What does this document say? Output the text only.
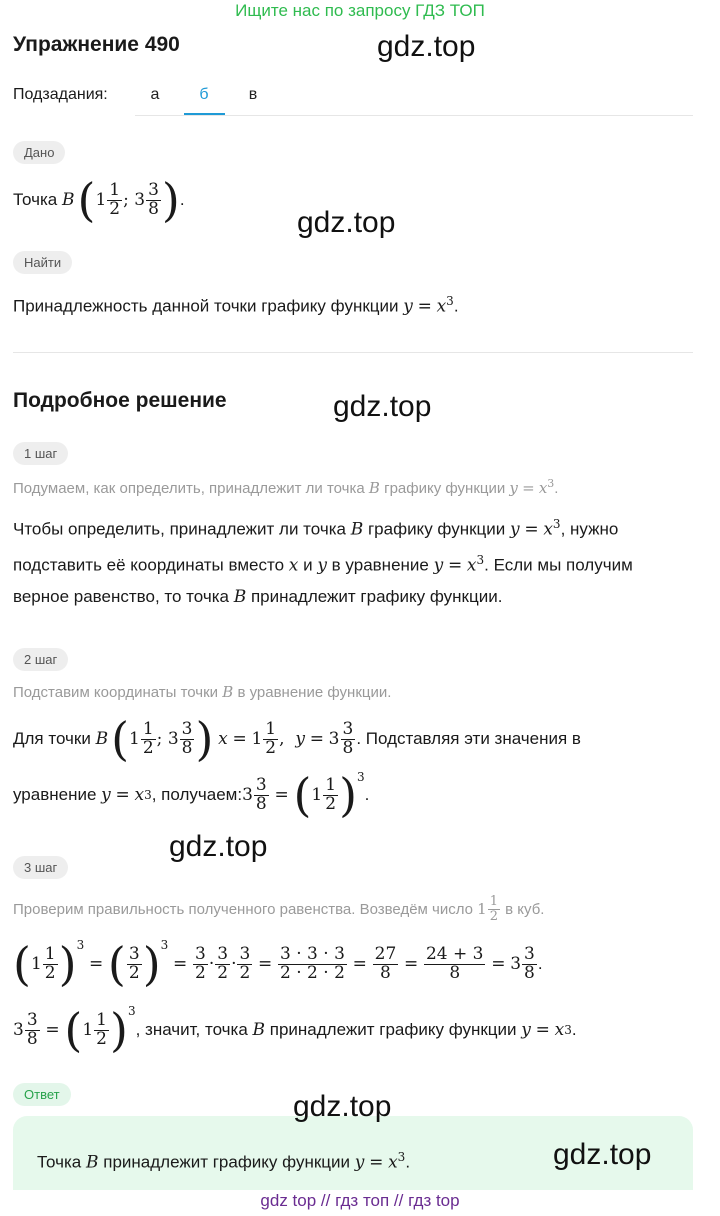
Ищите нас по запросу ГДЗ ТОП
Упражнение 490	gdz.top
Подзадания:	а	б	в
Дано
Точка
B ( $1 \frac{1}{2}$ ; $3 \frac{3}{8}$ ) .
gdz.top
Найти
Принадлежность данной точки графику функции $y = x^3$.
Подробное решение	gdz.top
1 шаг
Подумаем, как определить, принадлежит ли точка B графику функции $y = x^3$.
Чтобы определить, принадлежит ли точка B графику функции $y = x^3$, нужно
подставить её координаты вместо x и y в уравнение $y = x^3$. Если мы получим
верное равенство, то точка B принадлежит графику функции.
2 шаг
Подставим координаты точки B в уравнение функции.
Для точки
B ( $1 \frac{1}{2}$ ; $3 \frac{3}{8}$ )
x
=
$1 \frac{1}{2}$ , y
=
$3 \frac{3}{8}$ . Подставляя эти значения в
уравнение
y
=
x 3 , получаем: $3 \frac{3}{8}$
=
( $1 \frac{1}{2} )^3$
.
gdz.top
3 шаг
Проверим правильность полученного равенства. Возведём число
$1 \frac{1}{2}$
в куб.
( $1 \frac{1}{2} )^3$

=
( $\frac{3}{2} )^3$

=
$\frac{3}{2} \cdot \frac{3}{2} \cdot \frac{3}{2}$
=
$\frac{3 \cdot 3 \cdot 3}{2 \cdot 2 \cdot 2}$
=
$\frac{27}{8}$
=
$\frac{24 + 3}{8}$
=
$3 \frac{3}{8}$ .
$3 \frac{3}{8}$
=
( $1 \frac{1}{2} )^3$
, значит, точка
B
принадлежит графику функции
y
=
x 3 .
Ответ	gdz.top
Точка B принадлежит графику функции $y = x^3$.	gdz.top
gdz top // гдз топ // гдз top
